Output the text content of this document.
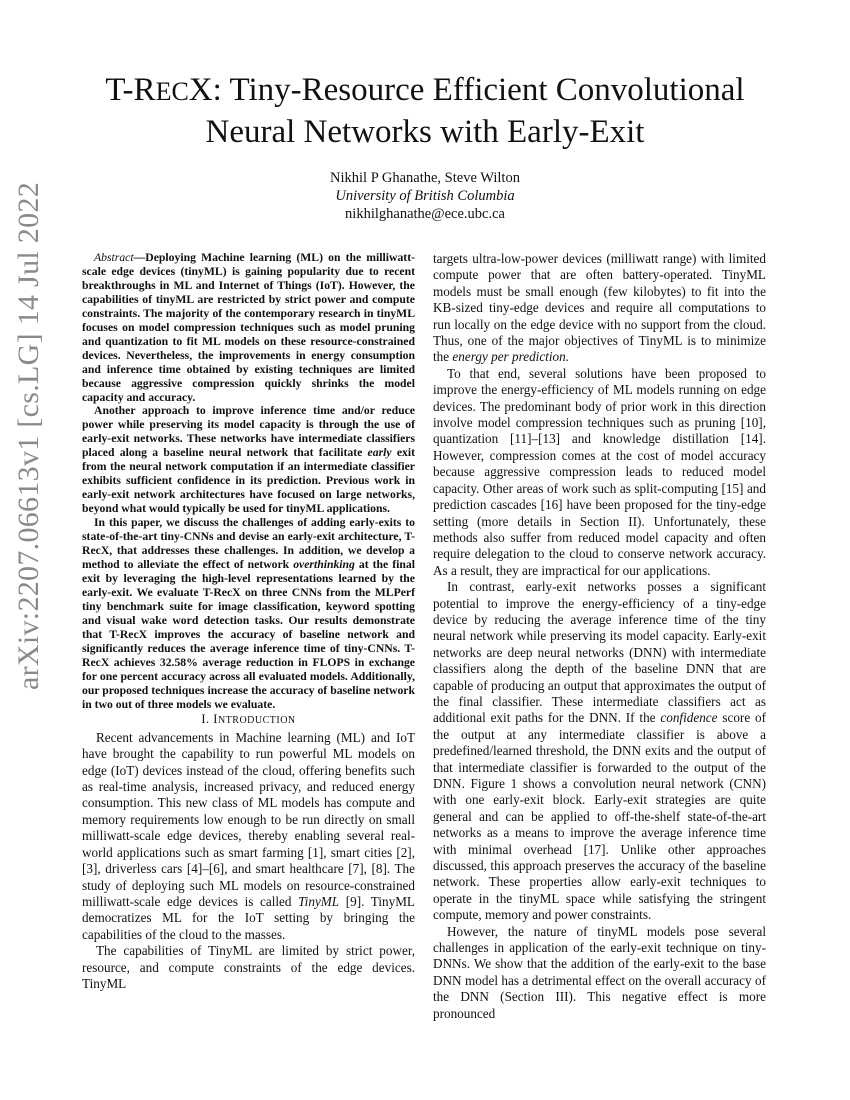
arXiv:2207.06613v1 [cs.LG] 14 Jul 2022
T-RECX: Tiny-Resource Efficient Convolutional
Neural Networks with Early-Exit
Nikhil P Ghanathe, Steve Wilton
University of British Columbia
nikhilghanathe@ece.ubc.ca

Abstract—Deploying Machine learning (ML) on the milliwatt-scale edge devices (tinyML) is gaining popularity due to recent breakthroughs in ML and Internet of Things (IoT). However, the capabilities of tinyML are restricted by strict power and compute constraints. The majority of the contemporary research in tinyML focuses on model compression techniques such as model pruning and quantization to fit ML models on these resource-constrained devices. Nevertheless, the improvements in energy consumption and inference time obtained by existing techniques are limited because aggressive compression quickly shrinks the model capacity and accuracy.

Another approach to improve inference time and/or reduce power while preserving its model capacity is through the use of early-exit networks. These networks have intermediate classifiers placed along a baseline neural network that facilitate early exit from the neural network computation if an intermediate classifier exhibits sufficient confidence in its prediction. Previous work in early-exit network architectures have focused on large networks, beyond what would typically be used for tinyML applications.

In this paper, we discuss the challenges of adding early-exits to state-of-the-art tiny-CNNs and devise an early-exit architecture, T-RecX, that addresses these challenges. In addition, we develop a method to alleviate the effect of network overthinking at the final exit by leveraging the high-level representations learned by the early-exit. We evaluate T-RecX on three CNNs from the MLPerf tiny benchmark suite for image classification, keyword spotting and visual wake word detection tasks. Our results demonstrate that T-RecX improves the accuracy of baseline network and significantly reduces the average inference time of tiny-CNNs. T-RecX achieves 32.58% average reduction in FLOPS in exchange for one percent accuracy across all evaluated models. Additionally, our proposed techniques increase the accuracy of baseline network in two out of three models we evaluate.

I. INTRODUCTION

Recent advancements in Machine learning (ML) and IoT have brought the capability to run powerful ML models on edge (IoT) devices instead of the cloud, offering benefits such as real-time analysis, increased privacy, and reduced energy consumption. This new class of ML models has compute and memory requirements low enough to be run directly on small milliwatt-scale edge devices, thereby enabling several real-world applications such as smart farming [1], smart cities [2], [3], driverless cars [4]–[6], and smart healthcare [7], [8]. The study of deploying such ML models on resource-constrained milliwatt-scale edge devices is called TinyML [9]. TinyML democratizes ML for the IoT setting by bringing the capabilities of the cloud to the masses.

The capabilities of TinyML are limited by strict power, resource, and compute constraints of the edge devices. TinyML

targets ultra-low-power devices (milliwatt range) with limited compute power that are often battery-operated. TinyML models must be small enough (few kilobytes) to fit into the KB-sized tiny-edge devices and require all computations to run locally on the edge device with no support from the cloud. Thus, one of the major objectives of TinyML is to minimize the energy per prediction.

To that end, several solutions have been proposed to improve the energy-efficiency of ML models running on edge devices. The predominant body of prior work in this direction involve model compression techniques such as pruning [10], quantization [11]–[13] and knowledge distillation [14]. However, compression comes at the cost of model accuracy because aggressive compression leads to reduced model capacity. Other areas of work such as split-computing [15] and prediction cascades [16] have been proposed for the tiny-edge setting (more details in Section II). Unfortunately, these methods also suffer from reduced model capacity and often require delegation to the cloud to conserve network accuracy. As a result, they are impractical for our applications.

In contrast, early-exit networks posses a significant potential to improve the energy-efficiency of a tiny-edge device by reducing the average inference time of the tiny neural network while preserving its model capacity. Early-exit networks are deep neural networks (DNN) with intermediate classifiers along the depth of the baseline DNN that are capable of producing an output that approximates the output of the final classifier. These intermediate classifiers act as additional exit paths for the DNN. If the confidence score of the output at any intermediate classifier is above a predefined/learned threshold, the DNN exits and the output of that intermediate classifier is forwarded to the output of the DNN. Figure 1 shows a convolution neural network (CNN) with one early-exit block. Early-exit strategies are quite general and can be applied to off-the-shelf state-of-the-art networks as a means to improve the average inference time with minimal overhead [17]. Unlike other approaches discussed, this approach preserves the accuracy of the baseline network. These properties allow early-exit techniques to operate in the tinyML space while satisfying the stringent compute, memory and power constraints.

However, the nature of tinyML models pose several challenges in application of the early-exit technique on tiny-DNNs. We show that the addition of the early-exit to the base DNN model has a detrimental effect on the overall accuracy of the DNN (Section III). This negative effect is more pronounced
